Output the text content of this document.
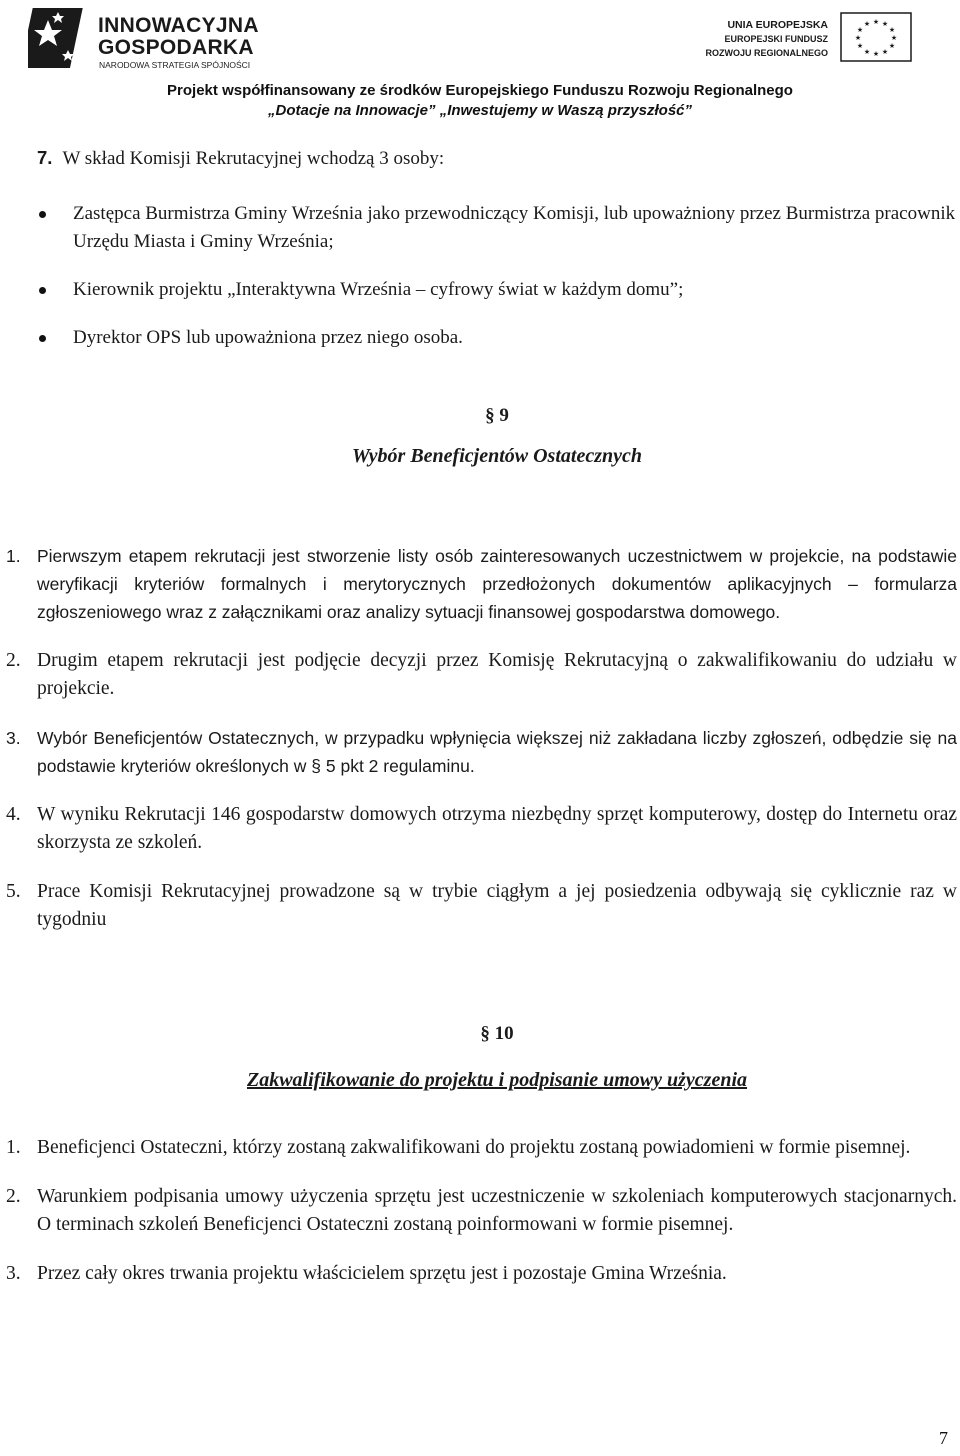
INNOWACYJNA
GOSPODARKA
NARODOWA STRATEGIA SPÓJNOŚCI
UNIA EUROPEJSKA
EUROPEJSKI FUNDUSZ
ROZWOJU REGIONALNEGO
★ ★
★
★
★
★
★
★
★
★
★
★
Projekt współfinansowany ze środków Europejskiego Funduszu Rozwoju Regionalnego
„Dotacje na Innowacje” „Inwestujemy w Waszą przyszłość”
7. W skład Komisji Rekrutacyjnej wchodzą 3 osoby:
Zastępca Burmistrza Gminy Września jako przewodniczący Komisji, lub upoważniony przez Burmistrza pracownik Urzędu Miasta i Gminy Września;
Kierownik projektu „Interaktywna Września – cyfrowy świat w każdym domu”;
Dyrektor OPS lub upoważniona przez niego osoba.
§ 9
Wybór Beneficjentów Ostatecznych
1. Pierwszym etapem rekrutacji jest stworzenie listy osób zainteresowanych uczestnictwem w projekcie, na podstawie weryfikacji kryteriów formalnych i merytorycznych przedłożonych dokumentów aplikacyjnych – formularza zgłoszeniowego wraz z załącznikami oraz analizy sytuacji finansowej gospodarstwa domowego.
2. Drugim etapem rekrutacji jest podjęcie decyzji przez Komisję Rekrutacyjną o zakwalifikowaniu do udziału w projekcie.
3. Wybór Beneficjentów Ostatecznych, w przypadku wpłynięcia większej niż zakładana liczby zgłoszeń, odbędzie się na podstawie kryteriów określonych w § 5 pkt 2 regulaminu.
4. W wyniku Rekrutacji 146 gospodarstw domowych otrzyma niezbędny sprzęt komputerowy, dostęp do Internetu oraz skorzysta ze szkoleń.
5. Prace Komisji Rekrutacyjnej prowadzone są w trybie ciągłym a jej posiedzenia odbywają się cyklicznie raz w tygodniu
§ 10
Zakwalifikowanie do projektu i podpisanie umowy użyczenia
1. Beneficjenci Ostateczni, którzy zostaną zakwalifikowani do projektu zostaną powiadomieni w formie pisemnej.
2. Warunkiem podpisania umowy użyczenia sprzętu jest uczestniczenie w szkoleniach komputerowych stacjonarnych. O terminach szkoleń Beneficjenci Ostateczni zostaną poinformowani w formie pisemnej.
3. Przez cały okres trwania projektu właścicielem sprzętu jest i pozostaje Gmina Września.
7
